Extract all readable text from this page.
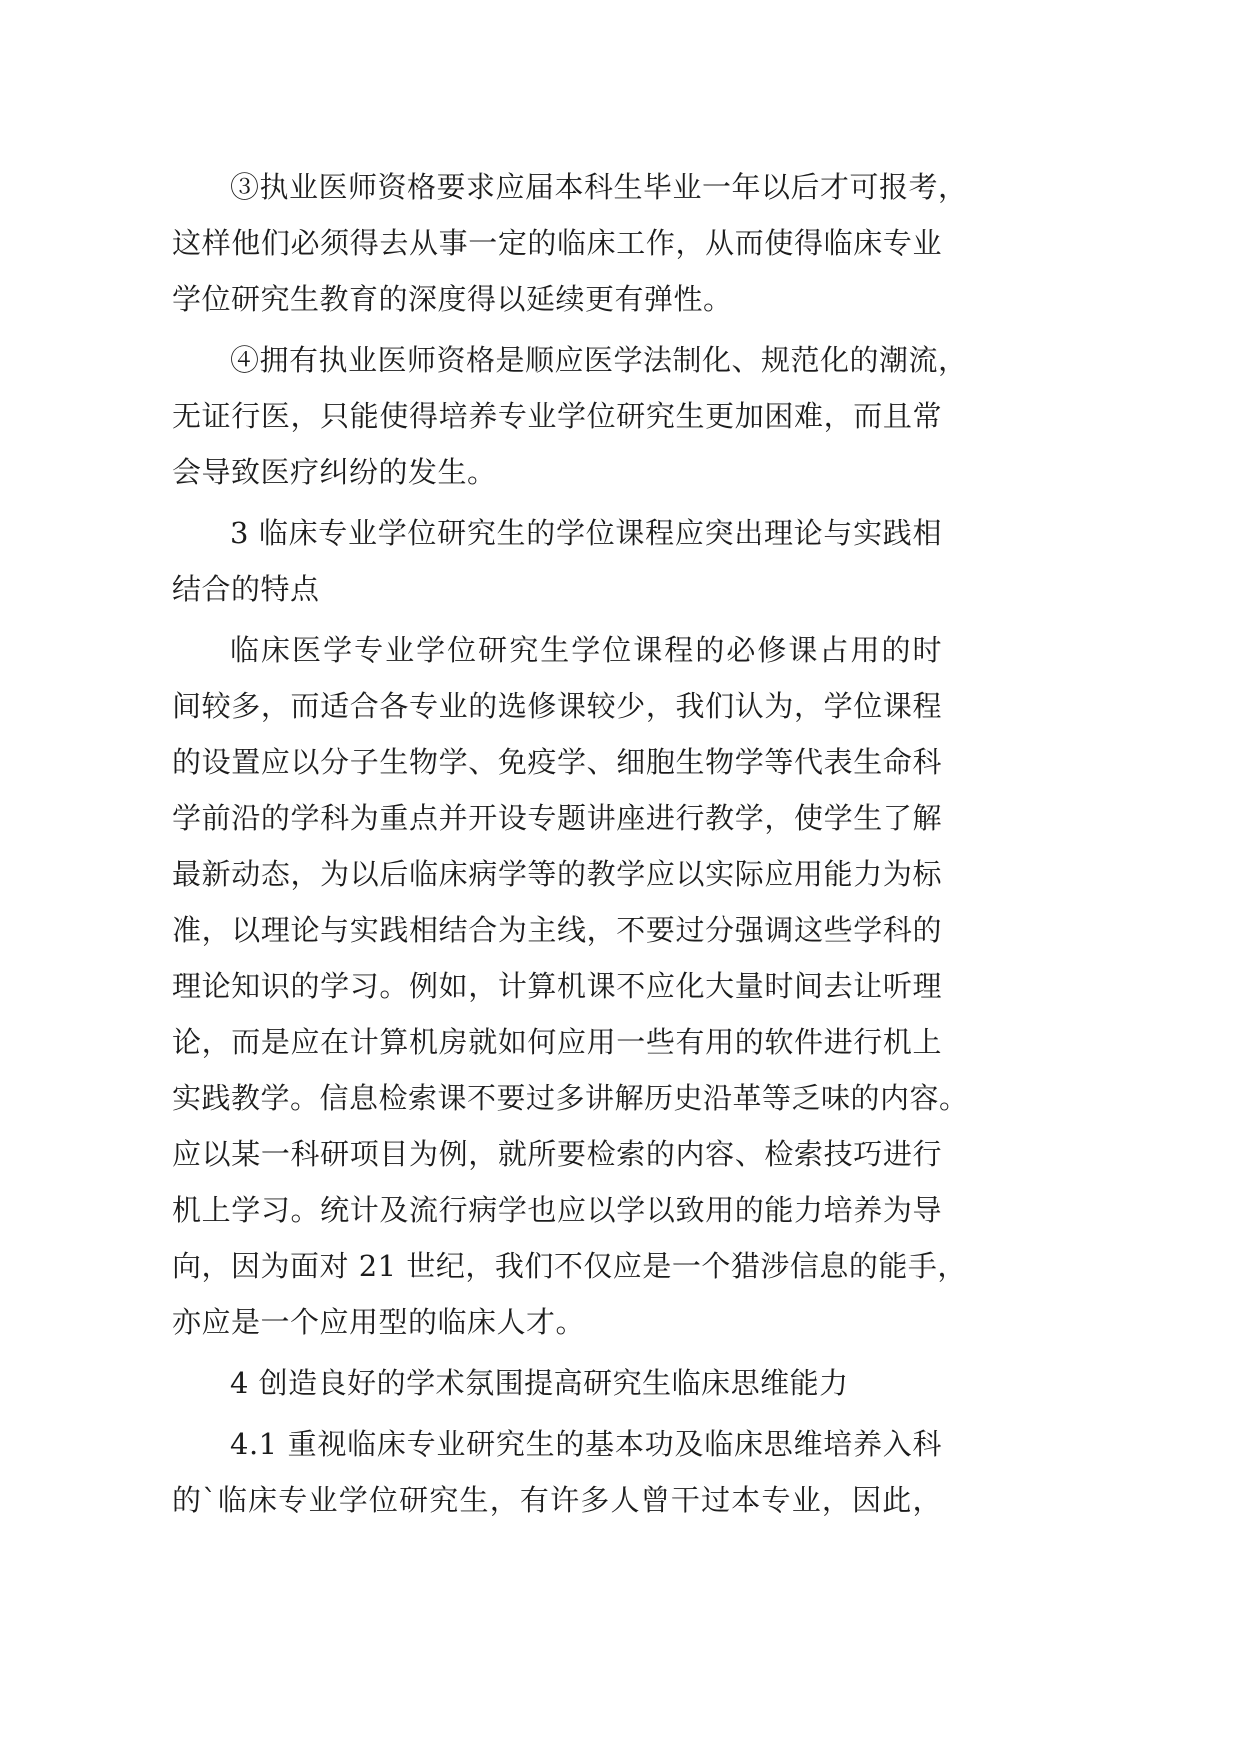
③执业医师资格要求应届本科生毕业一年以后才可报考，
这样他们必须得去从事一定的临床工作，从而使得临床专业
学位研究生教育的深度得以延续更有弹性。
④拥有执业医师资格是顺应医学法制化、规范化的潮流，
无证行医，只能使得培养专业学位研究生更加困难，而且常
会导致医疗纠纷的发生。
3 临床专业学位研究生的学位课程应突出理论与实践相
结合的特点
临床医学专业学位研究生学位课程的必修课占用的时
间较多，而适合各专业的选修课较少，我们认为，学位课程
的设置应以分子生物学、免疫学、细胞生物学等代表生命科
学前沿的学科为重点并开设专题讲座进行教学，使学生了解
最新动态，为以后临床病学等的教学应以实际应用能力为标
准，以理论与实践相结合为主线，不要过分强调这些学科的
理论知识的学习。例如，计算机课不应化大量时间去让听理
论，而是应在计算机房就如何应用一些有用的软件进行机上
实践教学。信息检索课不要过多讲解历史沿革等乏味的内容。
应以某一科研项目为例，就所要检索的内容、检索技巧进行
机上学习。统计及流行病学也应以学以致用的能力培养为导
向，因为面对 21 世纪，我们不仅应是一个猎涉信息的能手，
亦应是一个应用型的临床人才。
4 创造良好的学术氛围提高研究生临床思维能力
4.1 重视临床专业研究生的基本功及临床思维培养入科
的`临床专业学位研究生，有许多人曾干过本专业，因此，
